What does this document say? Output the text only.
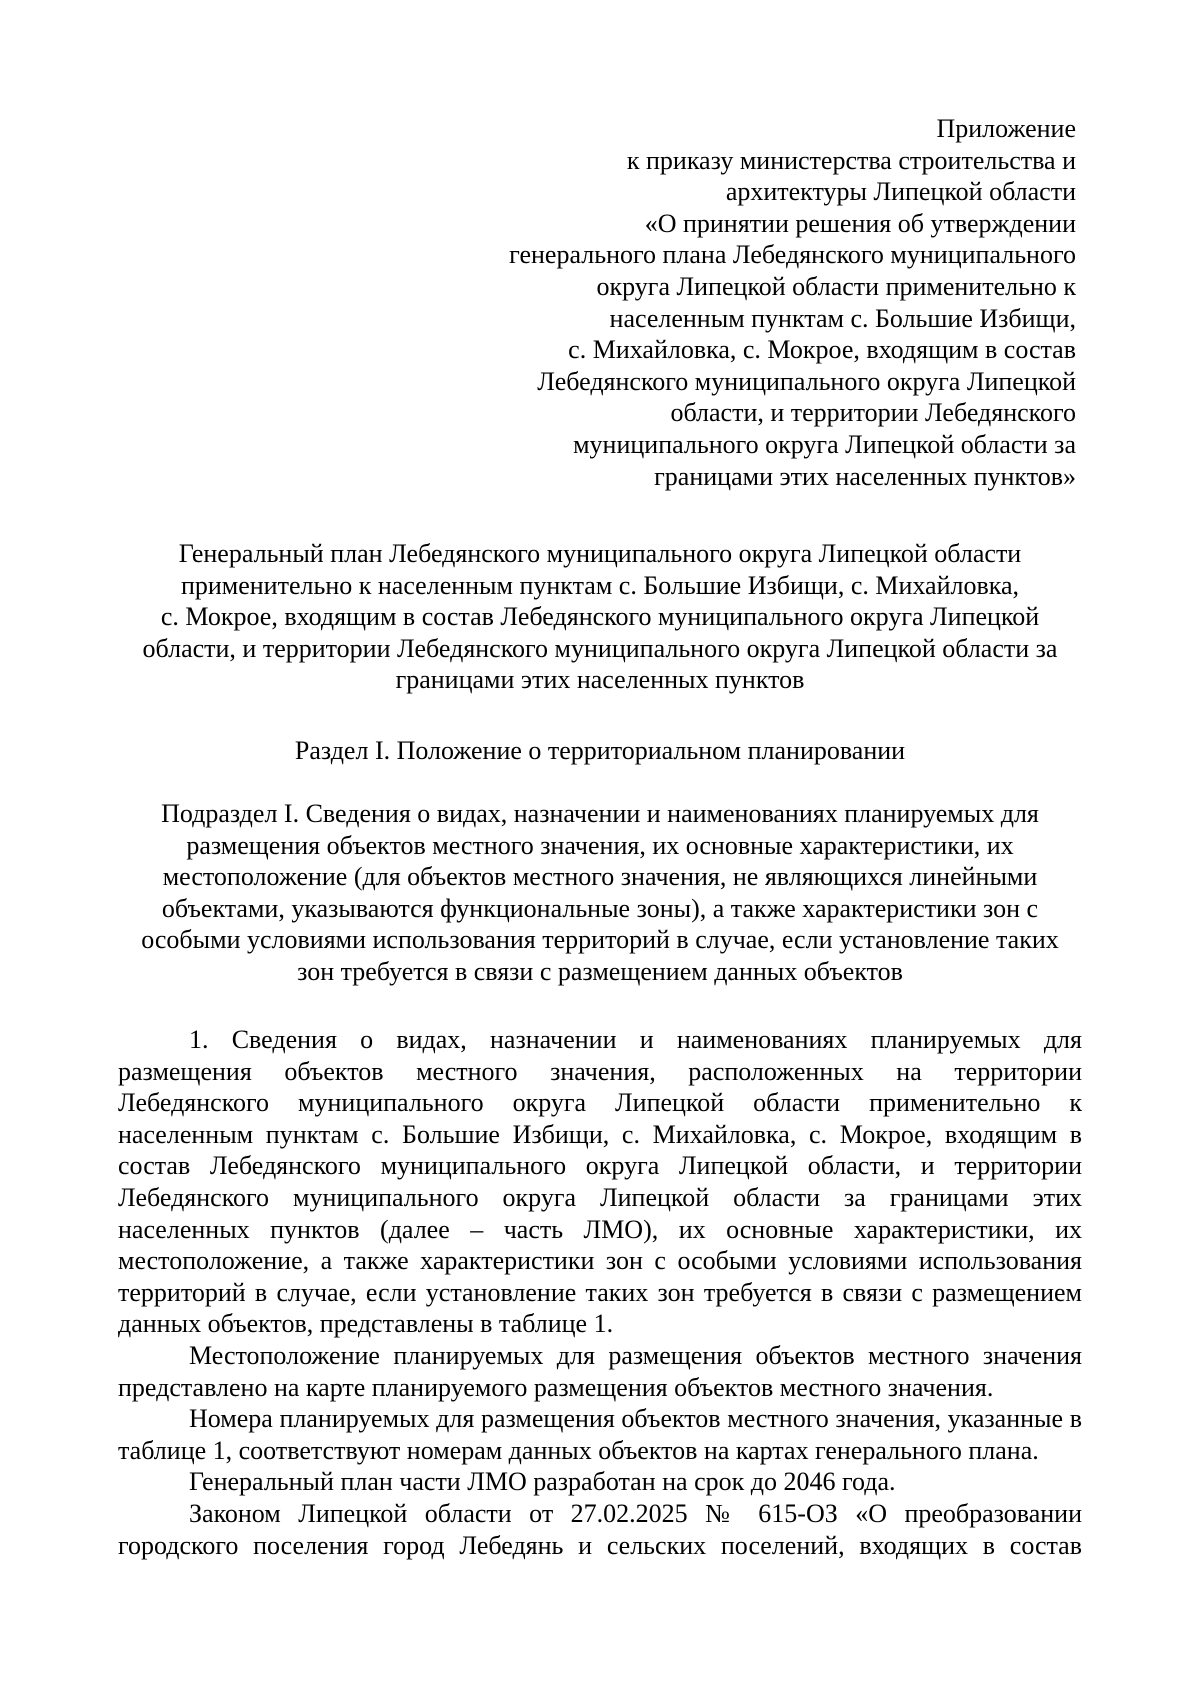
Приложение
к приказу министерства строительства и
архитектуры Липецкой области
«О принятии решения об утверждении
генерального плана Лебедянского муниципального
округа Липецкой области применительно к
населенным пунктам с. Большие Избищи,
с. Михайловка, с. Мокрое, входящим в состав
Лебедянского муниципального округа Липецкой
области, и территории Лебедянского
муниципального округа Липецкой области за
границами этих населенных пунктов»
Генеральный план Лебедянского муниципального округа Липецкой области
применительно к населенным пунктам с. Большие Избищи, с. Михайловка,
с. Мокрое, входящим в состав Лебедянского муниципального округа Липецкой
области, и территории Лебедянского муниципального округа Липецкой области за
границами этих населенных пунктов
Раздел I. Положение о территориальном планировании
Подраздел I. Сведения о видах, назначении и наименованиях планируемых для
размещения объектов местного значения, их основные характеристики, их
местоположение (для объектов местного значения, не являющихся линейными
объектами, указываются функциональные зоны), а также характеристики зон с
особыми условиями использования территорий в случае, если установление таких
зон требуется в связи с размещением данных объектов

1. Сведения о видах, назначении и наименованиях планируемых для размещения объектов местного значения, расположенных на территории Лебедянского муниципального округа Липецкой области применительно к населенным пунктам с. Большие Избищи, с. Михайловка, с. Мокрое, входящим в состав Лебедянского муниципального округа Липецкой области, и территории Лебедянского муниципального округа Липецкой области за границами этих населенных пунктов (далее – часть ЛМО), их основные характеристики, их местоположение, а также характеристики зон с особыми условиями использования территорий в случае, если установление таких зон требуется в связи с размещением данных объектов, представлены в таблице 1.

Местоположение планируемых для размещения объектов местного значения представлено на карте планируемого размещения объектов местного значения.

Номера планируемых для размещения объектов местного значения, указанные в таблице 1, соответствуют номерам данных объектов на картах генерального плана.

Генеральный план части ЛМО разработан на срок до 2046 года.

Законом Липецкой области от 27.02.2025 № 615-ОЗ «О преобразовании городского поселения город Лебедянь и сельских поселений, входящих в состав
